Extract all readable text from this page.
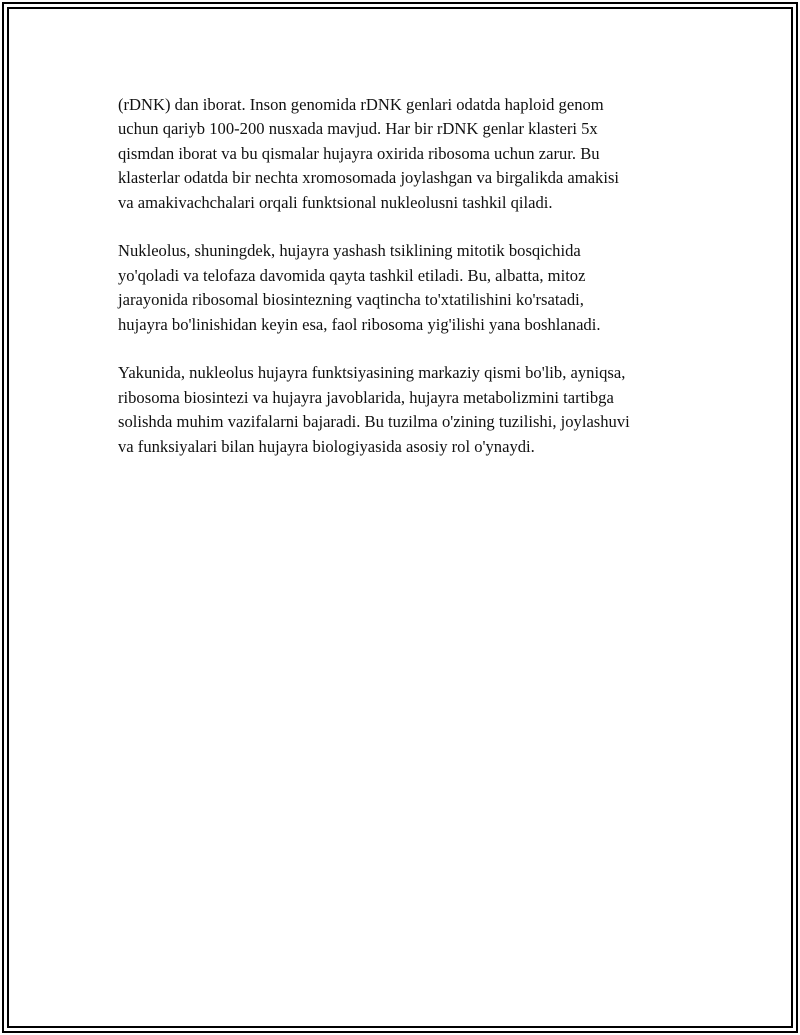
(rDNK) dan iborat. Inson genomida rDNK genlari odatda haploid genom
uchun qariyb 100-200 nusxada mavjud. Har bir rDNK genlar klasteri 5x
qismdan iborat va bu qismalar hujayra oxirida ribosoma uchun zarur. Bu
klasterlar odatda bir nechta xromosomada joylashgan va birgalikda amakisi
va amakivachchalari orqali funktsional nukleolusni tashkil qiladi.

Nukleolus, shuningdek, hujayra yashash tsiklining mitotik bosqichida
yo'qoladi va telofaza davomida qayta tashkil etiladi. Bu, albatta, mitoz
jarayonida ribosomal biosintezning vaqtincha to'xtatilishini ko'rsatadi,
hujayra bo'linishidan keyin esa, faol ribosoma yig'ilishi yana boshlanadi.

Yakunida, nukleolus hujayra funktsiyasining markaziy qismi bo'lib, ayniqsa,
ribosoma biosintezi va hujayra javoblarida, hujayra metabolizmini tartibga
solishda muhim vazifalarni bajaradi. Bu tuzilma o'zining tuzilishi, joylashuvi
va funksiyalari bilan hujayra biologiyasida asosiy rol o'ynaydi.
